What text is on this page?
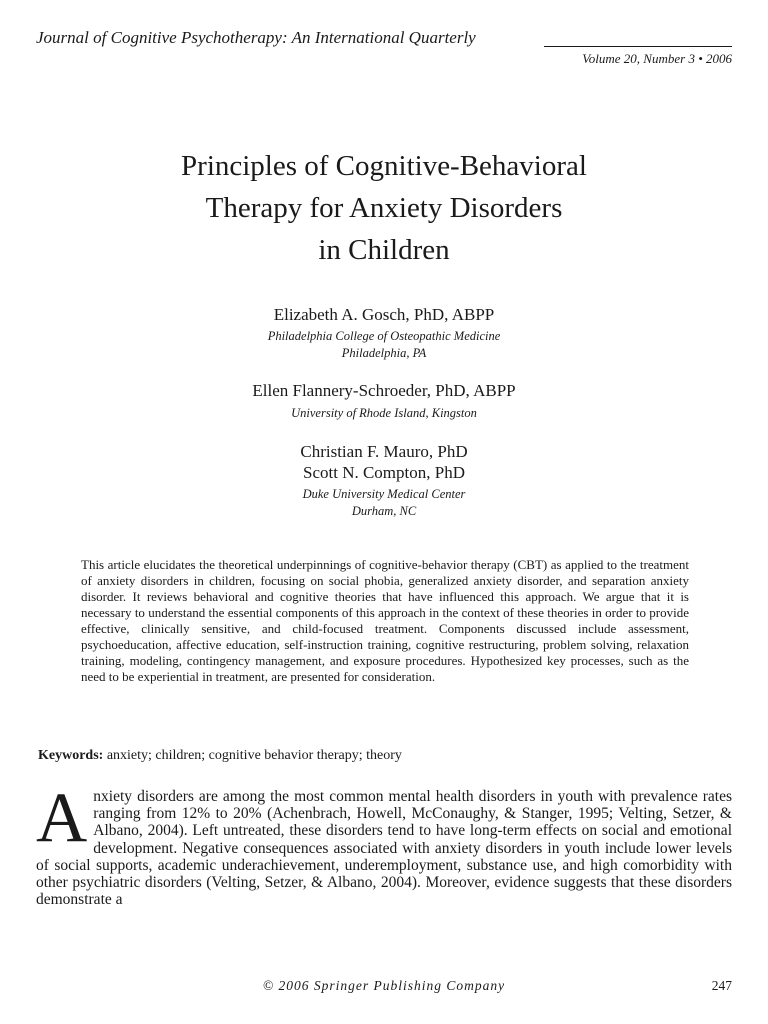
Journal of Cognitive Psychotherapy: An International Quarterly
Volume 20, Number 3 • 2006
Principles of Cognitive-Behavioral
Therapy for Anxiety Disorders
in Children
Elizabeth A. Gosch, PhD, ABPP
Philadelphia College of Osteopathic Medicine
Philadelphia, PA
Ellen Flannery-Schroeder, PhD, ABPP
University of Rhode Island, Kingston
Christian F. Mauro, PhD
Scott N. Compton, PhD
Duke University Medical Center
Durham, NC

This article elucidates the theoretical underpinnings of cognitive-behavior therapy (CBT) as applied to the treatment of anxiety disorders in children, focusing on social phobia, generalized anxiety disorder, and separation anxiety disorder. It reviews behavioral and cognitive theories that have influenced this approach. We argue that it is necessary to understand the essential components of this approach in the context of these theories in order to provide effective, clinically sensitive, and child-focused treatment. Components discussed include assessment, psychoeducation, affective education, self-instruction training, cognitive restructuring, problem solving, relaxation training, modeling, contingency management, and exposure procedures. Hypothesized key processes, such as the need to be experiential in treatment, are presented for consideration.

Keywords: anxiety; children; cognitive behavior therapy; theory

Anxiety disorders are among the most common mental health disorders in youth with prevalence rates ranging from 12% to 20% (Achenbrach, Howell, McConaughy, & Stanger, 1995; Velting, Setzer, & Albano, 2004). Left untreated, these disorders tend to have long-term effects on social and emotional development. Negative consequences associated with anxiety disorders in youth include lower levels of social supports, academic underachievement, underemployment, substance use, and high comorbidity with other psychiatric disorders (Velting, Setzer, & Albano, 2004). Moreover, evidence suggests that these disorders demonstrate a

© 2006 Springer Publishing Company	247
